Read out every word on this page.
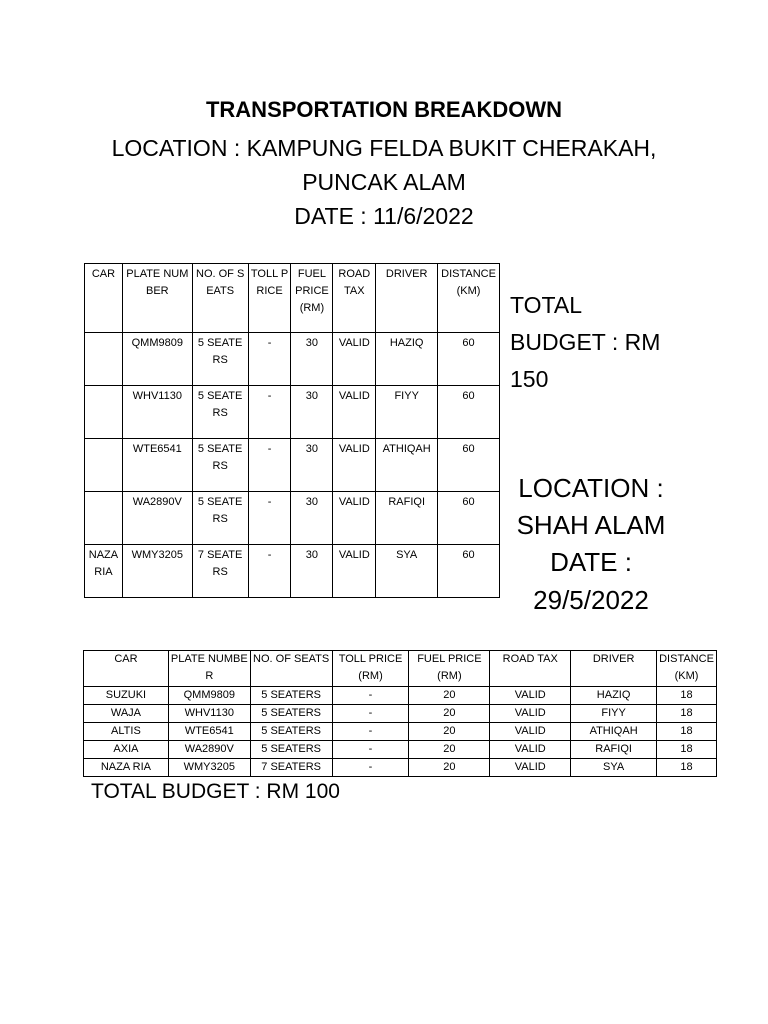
TRANSPORTATION BREAKDOWN
LOCATION : KAMPUNG FELDA BUKIT CHERAKAH,
PUNCAK ALAM
DATE : 11/6/2022
CAR	PLATE NUMBER	NO. OF SEATS	TOLL PRICE	FUEL PRICE (RM)	ROAD TAX	DRIVER	DISTANCE (KM)
	QMM9809	5 SEATERS	-	30	VALID	HAZIQ	60
	WHV1130	5 SEATERS	-	30	VALID	FIYY	60
	WTE6541	5 SEATERS	-	30	VALID	ATHIQAH	60
	WA2890V	5 SEATERS	-	30	VALID	RAFIQI	60
NAZA RIA	WMY3205	7 SEATERS	-	30	VALID	SYA	60
TOTAL BUDGET : RM 150
LOCATION :
SHAH ALAM
DATE :
29/5/2022
CAR	PLATE NUMBER	NO. OF SEATS	TOLL PRICE (RM)	FUEL PRICE (RM)	ROAD TAX	DRIVER	DISTANCE (KM)
SUZUKI	QMM9809	5 SEATERS	-	20	VALID	HAZIQ	18
WAJA	WHV1130	5 SEATERS	-	20	VALID	FIYY	18
ALTIS	WTE6541	5 SEATERS	-	20	VALID	ATHIQAH	18
AXIA	WA2890V	5 SEATERS	-	20	VALID	RAFIQI	18
NAZA RIA	WMY3205	7 SEATERS	-	20	VALID	SYA	18
TOTAL BUDGET : RM 100
